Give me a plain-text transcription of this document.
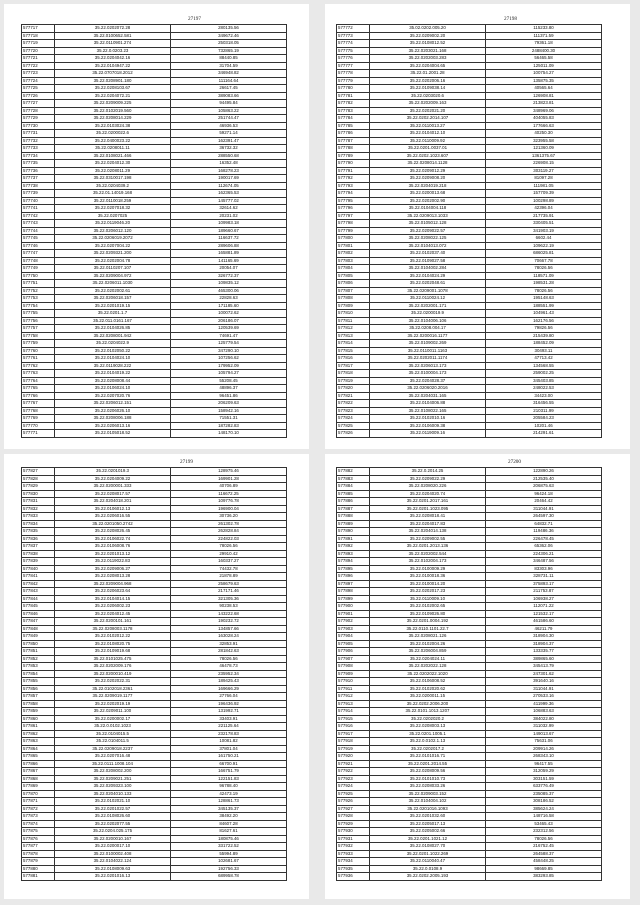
27197
577717	35.22.0202072.28	280135.56
577718	35.22.0100652.581	349672.46
577719	35.22.0110901.274	250318.05
577720	35.22.0.0203.23	732865.19
577721	35.22.0204042.16	88440.85
577722	35.22.0104947.22	31704.59
577723	35.22.0707018.2012	346948.82
577724	35.22.0208901.180	111164.64
577725	35.22.0208103.67	26617.45
577726	35.22.0204072.21	389083.66
577727	35.22.0209009.225	94495.84
577728	35.22.0102019.560	105863.22
577729	35.22.0208014.229	251744.47
577730	35.22.0103024.38	46936.53
577731	35.22.0200022.6	59271.14
577732	35.22.0400023.22	162391.47
577733	35.22.0208011.11	36732.32
577734	35.22.0108021.466	288550.68
577735	35.22.0204012.30	16352.48
577736	35.22.0208011.29	168278.23
577737	35.22.0310017.198	190017.69
577738	35.22.0204039.2	112674.05
577739	35.22.01.14019.168	162365.53
577740	35.22.0110018.259	145777.02
577741	35.22.0207018.32	32614.62
577742	35.22.0207025	20231.02
577743	35.22.0119046.20	109983.18
577744	35.22.0206012.120	189660.67
577745	35.22.0206019.2072	116637.72
577746	35.22.0207004.22	289606.88
577747	35.22.0209321.200	165881.89
577748	35.22.0202004.78	141165.69
577749	35.22.0110207.107	20054.07
577750	35.22.0209004.972	326772.37
577751	35.22.0206011.1030	109835.12
577752	35.22.0202002.61	465300.06
577753	35.22.0206018.157	22828.63
577754	35.22.0201019.15	171185.60
577755	35.22.0201.1.7	100072.62
577756	35.22.011.0161.167	206186.07
577757	35.22.0104026.85	120539.69
577758	35.22.0208001.942	74691.47
577759	35.22.0204022.9	125779.54
577760	35.22.0102050.22	347290.10
577761	35.22.0104024.10	107256.62
577762	35.22.0119028.222	179952.09
577763	35.22.0104019.22	105794.27
577764	35.22.0208008.44	55208.45
577765	35.22.0106024.10	48896.37
577766	35.22.0207020.76	96451.86
577767	35.22.0206012.151	206209.63
577768	35.22.0206026.10	158942.16
577769	35.22.0208006.188	71551.31
577770	35.22.0206013.16	187282.83
577771	35.22.0105018.52	148170.10
27198
577772	35.02.0202.005.20	115233.80
577773	35.22.0209002.20	111371.59
577774	35.22.0108012.52	79361.18
577775	35.22.0203021.168	2488400.30
577776	35.22.0202003.283	56465.58
577777	35.22.0204004.65	125011.09
577778	35.22.01.2001.28	100754.27
577779	35.22.0202006.16	135875.35
577780	35.22.0109038.14	40565.64
577781	35.22.0203020.6	126908.81
577782	35.22.0202009.163	213823.81
577783	35.22.0202021.20	348969.06
577784	35.22.0202.2014.107	404055.83
577785	35.22.0110013.27	177666.63
577786	35.22.0104012.10	40250.30
577787	35.22.0110009.92	323955.58
577788	35.22.0201.0037.01	121360.09
577789	35.22.0202.1023.607	1361375.67
577790	35.22.0208014.1128	226908.15
577791	35.22.0209012.29	303119.27
577792	35.22.0209008.20	81097.28
577793	35.22.0204019.218	111981.05
577794	35.22.0200013.68	157709.39
577795	35.22.0202002.90	100298.89
577796	35.22.0104004.118	42396.04
577797	35.22.0209013.1033	217735.91
577798	35.22.0105012.128	330405.51
577799	35.22.0209022.57	341903.19
577800	35.22.0208022.125	6602.44
577801	35.22.0104013.072	109622.19
577802	35.22.0102037.40	686025.81
577803	35.22.0109027.58	70667.78
577804	35.22.0104002.284	78026.56
577805	35.22.0104024.29	118571.09
577806	35.22.0202048.61	198531.28
577807	35.22.0209001.1078	78026.56
577808	35.22.0110024.12	195148.63
577809	35.22.0202001.171	188551.99
577810	35.22.0200019.9	104961.43
577811	35.22.0104006.106	162176.56
577812	35.22.0208.004.17	79826.56
577813	35.22.0200016.1177	215439.80
577814	35.22.0109002.269	188452.09
577815	35.22.0110011.1163	30493.11
577816	35.22.0202011.1174	47713.42
577817	35.22.0206013.173	134568.55
577818	35.22.0100004.173	259002.25
577819	35.22.0204028.37	345403.85
577820	35.22.0206020.2016	248022.53
577821	35.22.0204031.165	34423.00
577822	35.22.0104006.88	316456.55
577823	35.22.0108022.165	210311.99
577824	35.22.0102010.16	205584.23
577825	35.22.0106009.38	10201.46
577826	35.22.0119009.16	214291.61
27199
577827	35.22.0201019.3	128975.46
577828	35.22.0204009.22	169901.28
577829	35.22.0200001.333	40706.89
577830	35.22.0208017.57	116672.25
577831	35.22.0204018.201	109776.78
577832	35.22.0106012.13	196900.04
577833	35.22.0206016.55	30736.20
577834	35.22.0201050.2742	261302.78
577835	35.22.0208026.45	262828.84
577836	35.22.0106022.74	224822.03
577837	35.22.0106008.76	78026.56
577838	35.22.0201013.12	29910.42
577839	35.22.0119022.83	160337.27
577840	35.22.0209006.27	74432.78
577841	35.22.0208013.28	21878.89
577842	35.22.0209004.968	258679.63
577843	35.22.0206023.64	217171.46
577844	35.22.0104014.15	321305.36
577845	35.22.0206002.23	90238.53
577846	35.22.0204012.45	143222.68
577847	35.22.0200101.161	190232.72
577848	35.22.0208003.1178	134857.66
577849	35.22.0102012.22	163028.24
577850	35.22.0108020.75	32853.91
577851	35.22.0109019.68	281842.63
577852	35.22.0101025.475	78026.56
577853	35.22.0202009.176	46478.73
577854	35.22.0200010.419	235952.34
577855	35.22.0202022.31	189425.43
577856	35.22.0102018.2361	169666.29
577857	35.22.0209019.1177	27766.04
577858	35.22.0202019.19	196436.92
577859	35.22.0209011.100	131992.71
577860	35.22.0200002.17	33403.91
577861	35.22.0.0102.1023	221125.64
577862	35.22.0104015.5	232178.83
577863	35.22.0104011.5	10081.82
577864	35.22.0209018.2237	37801.04
577865	35.22.0207016.48	161750.21
577866	35.22.0111.1008.104	66700.91
577867	35.22.0208002.200	166751.79
577868	35.22.0209021.251	122151.83
577869	35.22.0209323.100	96788.40
577870	35.22.0204010.133	42473.19
577871	35.22.0102021.10	128861.73
577872	35.22.0201022.57	345135.37
577873	35.22.0108026.60	38492.20
577874	35.22.0202077.55	84607.28
577875	35.22.0204.025.175	81627.61
577876	35.22.0200010.167	180875.46
577877	35.22.0200017.10	331722.52
577878	35.22.0100002.408	55994.89
577879	35.22.0104022.124	102681.67
577880	35.22.0108009.63	192756.33
577881	35.22.0201016.13	689958.78
27200
577882	35.22.0.2014.25	122890.26
577883	35.22.0209022.29	212535.40
577884	35.22.0208020.226	206875.63
577885	35.22.0204020.74	96424.18
577886	35.22.0201.2017.161	20464.42
577887	35.22.0201.1023.095	311044.91
577888	35.22.0208018.41	264597.30
577889	35.22.0204017.83	64832.71
577890	35.22.0204014.138	119486.36
577891	35.22.0209002.55	226478.45
577892	35.22.0201.2013.136	65362.06
577893	35.22.0202002.544	224306.21
577894	35.22.0102004.173	346487.56
577895	35.22.0100009.29	83303.96
577896	35.22.0100018.36	328731.11
577897	35.22.0100014.20	375893.17
577898	35.22.0202017.23	211753.87
577899	35.22.0110009.10	106938.27
577900	35.22.0102002.65	112071.22
577901	35.22.0109026.80	121532.17
577902	35.22.0201.0004.192	461586.60
577903	35.22.0110.1101.22.7	46211.79
577904	35.22.0208021.126	318904.30
577905	35.22.0102004.26	318904.37
577906	35.22.0206004.859	133335.77
577907	35.22.0204024.11	389865.60
577908	35.22.0202022.128	345413.79
577909	35.22.0202022.1020	247301.62
577910	35.22.0106008.52	391640.16
577911	35.22.0102020.62	311044.91
577912	35.22.0200011.15	270533.16
577913	35.22.0202.2006.200	411999.36
577914	35.22.0101.1013.1207	106883.63
577915	35.22.0202020.2	384022.80
577916	35.22.0208003.13	311032.99
577917	35.22.0201.1005.1	149013.67
577918	35.22.0.0102.1.13	75631.06
577919	35.22.0202017.2	209914.26
577920	35.22.0101016.71	268343.10
577921	35.22.0201.2014.55	96417.55
577922	35.22.0208009.56	312059.29
577923	35.22.0101010.73	303151.59
577924	35.22.0208033.26	633776.49
577925	35.22.0209003.152	235085.37
577926	35.22.0104004.102	308186.52
577927	35.22.0201016.1093	385624.24
577928	35.22.0201032.60	148716.58
577929	35.22.0205017.13	53465.43
577930	35.22.0205002.66	232312.56
577931	35.22.0201.1021.12	78026.56
577932	35.22.0108027.70	216752.45
577933	35.22.0201.1022.269	264588.37
577934	35.22.0110040.47	458448.25
577935	35.22.0.0108.9	98669.85
577936	35.22.0202.2005.193	383293.85
